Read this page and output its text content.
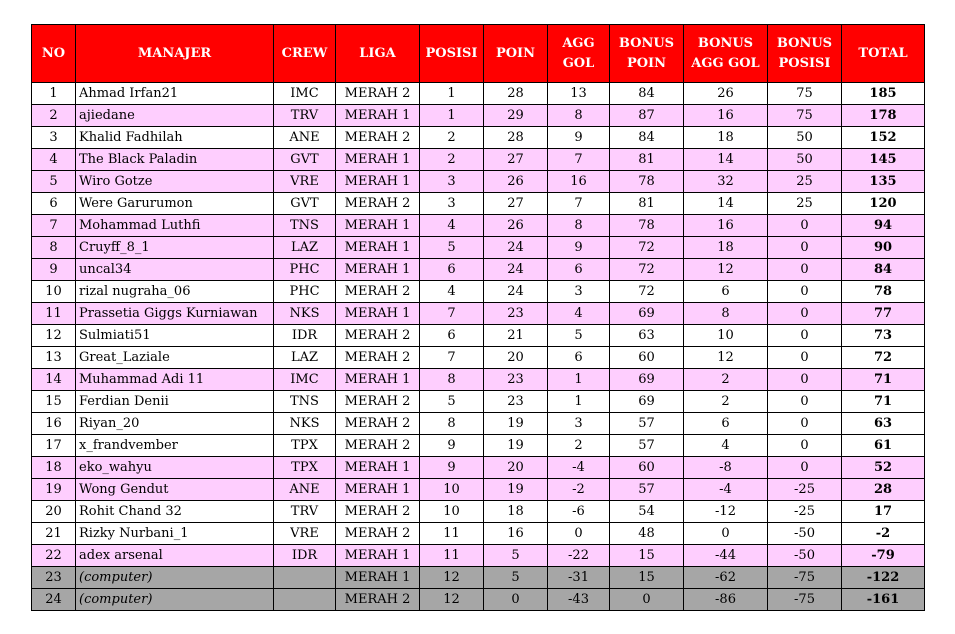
NO	MANAJER	CREW	LIGA	POSISI	POIN	AGG GOL	BONUS POIN	BONUS AGG GOL	BONUS POSISI	TOTAL
1	Ahmad Irfan21	IMC	MERAH 2	1	28	13	84	26	75	185
2	ajiedane	TRV	MERAH 1	1	29	8	87	16	75	178
3	Khalid Fadhilah	ANE	MERAH 2	2	28	9	84	18	50	152
4	The Black Paladin	GVT	MERAH 1	2	27	7	81	14	50	145
5	Wiro Gotze	VRE	MERAH 1	3	26	16	78	32	25	135
6	Were Garurumon	GVT	MERAH 2	3	27	7	81	14	25	120
7	Mohammad Luthfi	TNS	MERAH 1	4	26	8	78	16	0	94
8	Cruyff_8_1	LAZ	MERAH 1	5	24	9	72	18	0	90
9	uncal34	PHC	MERAH 1	6	24	6	72	12	0	84
10	rizal nugraha_06	PHC	MERAH 2	4	24	3	72	6	0	78
11	Prassetia Giggs Kurniawan	NKS	MERAH 1	7	23	4	69	8	0	77
12	Sulmiati51	IDR	MERAH 2	6	21	5	63	10	0	73
13	Great_Laziale	LAZ	MERAH 2	7	20	6	60	12	0	72
14	Muhammad Adi 11	IMC	MERAH 1	8	23	1	69	2	0	71
15	Ferdian Denii	TNS	MERAH 2	5	23	1	69	2	0	71
16	Riyan_20	NKS	MERAH 2	8	19	3	57	6	0	63
17	x_frandvember	TPX	MERAH 2	9	19	2	57	4	0	61
18	eko_wahyu	TPX	MERAH 1	9	20	-4	60	-8	0	52
19	Wong Gendut	ANE	MERAH 1	10	19	-2	57	-4	-25	28
20	Rohit Chand 32	TRV	MERAH 2	10	18	-6	54	-12	-25	17
21	Rizky Nurbani_1	VRE	MERAH 2	11	16	0	48	0	-50	-2
22	adex arsenal	IDR	MERAH 1	11	5	-22	15	-44	-50	-79
23	(computer)		MERAH 1	12	5	-31	15	-62	-75	-122
24	(computer)		MERAH 2	12	0	-43	0	-86	-75	-161
